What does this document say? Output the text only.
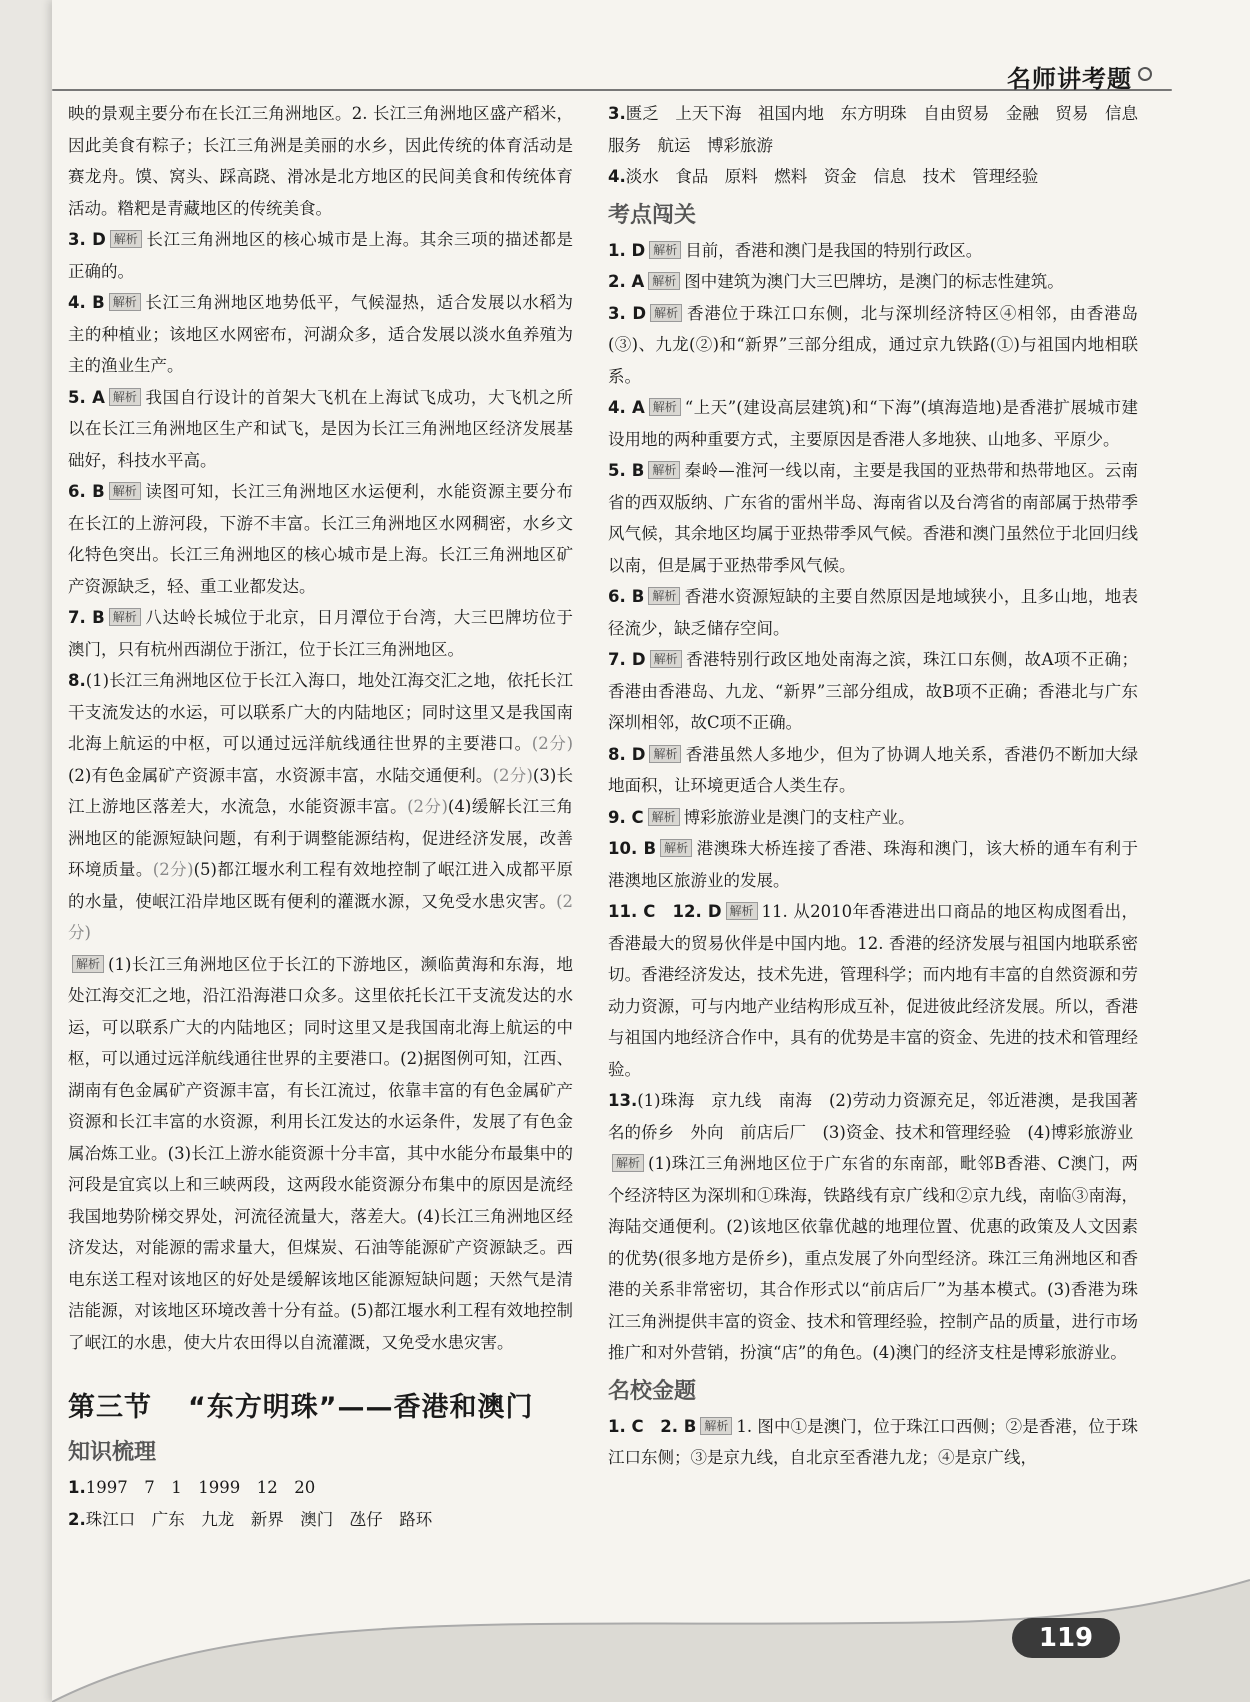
名师讲考题

映的景观主要分布在长江三角洲地区。2. 长江三角洲地区盛产稻米，因此美食有粽子；长江三角洲是美丽的水乡，因此传统的体育活动是赛龙舟。馍、窝头、踩高跷、滑冰是北方地区的民间美食和传统体育活动。糌粑是青藏地区的传统美食。

3. D 解析 长江三角洲地区的核心城市是上海。其余三项的描述都是正确的。

4. B 解析 长江三角洲地区地势低平，气候湿热，适合发展以水稻为主的种植业；该地区水网密布，河湖众多，适合发展以淡水鱼养殖为主的渔业生产。

5. A 解析 我国自行设计的首架大飞机在上海试飞成功，大飞机之所以在长江三角洲地区生产和试飞，是因为长江三角洲地区经济发展基础好，科技水平高。

6. B 解析 读图可知，长江三角洲地区水运便利，水能资源主要分布在长江的上游河段，下游不丰富。长江三角洲地区水网稠密，水乡文化特色突出。长江三角洲地区的核心城市是上海。长江三角洲地区矿产资源缺乏，轻、重工业都发达。

7. B 解析 八达岭长城位于北京，日月潭位于台湾，大三巴牌坊位于澳门，只有杭州西湖位于浙江，位于长江三角洲地区。

8.(1)长江三角洲地区位于长江入海口，地处江海交汇之地，依托长江干支流发达的水运，可以联系广大的内陆地区；同时这里又是我国南北海上航运的中枢，可以通过远洋航线通往世界的主要港口。(2分)(2)有色金属矿产资源丰富，水资源丰富，水陆交通便利。(2分)(3)长江上游地区落差大，水流急，水能资源丰富。(2分)(4)缓解长江三角洲地区的能源短缺问题，有利于调整能源结构，促进经济发展，改善环境质量。(2分)(5)都江堰水利工程有效地控制了岷江进入成都平原的水量，使岷江沿岸地区既有便利的灌溉水源，又免受水患灾害。(2分)

解析 (1)长江三角洲地区位于长江的下游地区，濒临黄海和东海，地处江海交汇之地，沿江沿海港口众多。这里依托长江干支流发达的水运，可以联系广大的内陆地区；同时这里又是我国南北海上航运的中枢，可以通过远洋航线通往世界的主要港口。(2)据图例可知，江西、湖南有色金属矿产资源丰富，有长江流过，依靠丰富的有色金属矿产资源和长江丰富的水资源，利用长江发达的水运条件，发展了有色金属冶炼工业。(3)长江上游水能资源十分丰富，其中水能分布最集中的河段是宜宾以上和三峡两段，这两段水能资源分布集中的原因是流经我国地势阶梯交界处，河流径流量大，落差大。(4)长江三角洲地区经济发达，对能源的需求量大，但煤炭、石油等能源矿产资源缺乏。西电东送工程对该地区的好处是缓解该地区能源短缺问题；天然气是清洁能源，对该地区环境改善十分有益。(5)都江堰水利工程有效地控制了岷江的水患，使大片农田得以自流灌溉，又免受水患灾害。

第三节 “东方明珠”——香港和澳门
知识梳理

1.1997　7　1　1999　12　20

2.珠江口　广东　九龙　新界　澳门　氹仔　路环

3.匮乏　上天下海　祖国内地　东方明珠　自由贸易　金融　贸易　信息服务　航运　博彩旅游

4.淡水　食品　原料　燃料　资金　信息　技术　管理经验

考点闯关

1. D 解析 目前，香港和澳门是我国的特别行政区。

2. A 解析 图中建筑为澳门大三巴牌坊，是澳门的标志性建筑。

3. D 解析 香港位于珠江口东侧，北与深圳经济特区④相邻，由香港岛(③)、九龙(②)和“新界”三部分组成，通过京九铁路(①)与祖国内地相联系。

4. A 解析 “上天”(建设高层建筑)和“下海”(填海造地)是香港扩展城市建设用地的两种重要方式，主要原因是香港人多地狭、山地多、平原少。

5. B 解析 秦岭—淮河一线以南，主要是我国的亚热带和热带地区。云南省的西双版纳、广东省的雷州半岛、海南省以及台湾省的南部属于热带季风气候，其余地区均属于亚热带季风气候。香港和澳门虽然位于北回归线以南，但是属于亚热带季风气候。

6. B 解析 香港水资源短缺的主要自然原因是地域狭小，且多山地，地表径流少，缺乏储存空间。

7. D 解析 香港特别行政区地处南海之滨，珠江口东侧，故A项不正确；香港由香港岛、九龙、“新界”三部分组成，故B项不正确；香港北与广东深圳相邻，故C项不正确。

8. D 解析 香港虽然人多地少，但为了协调人地关系，香港仍不断加大绿地面积，让环境更适合人类生存。

9. C 解析 博彩旅游业是澳门的支柱产业。

10. B 解析 港澳珠大桥连接了香港、珠海和澳门，该大桥的通车有利于港澳地区旅游业的发展。

11. C　12. D 解析 11. 从2010年香港进出口商品的地区构成图看出，香港最大的贸易伙伴是中国内地。12. 香港的经济发展与祖国内地联系密切。香港经济发达，技术先进，管理科学；而内地有丰富的自然资源和劳动力资源，可与内地产业结构形成互补，促进彼此经济发展。所以，香港与祖国内地经济合作中，具有的优势是丰富的资金、先进的技术和管理经验。

13.(1)珠海　京九线　南海　(2)劳动力资源充足，邻近港澳，是我国著名的侨乡　外向　前店后厂　(3)资金、技术和管理经验　(4)博彩旅游业

解析 (1)珠江三角洲地区位于广东省的东南部，毗邻B香港、C澳门，两个经济特区为深圳和①珠海，铁路线有京广线和②京九线，南临③南海，海陆交通便利。(2)该地区依靠优越的地理位置、优惠的政策及人文因素的优势(很多地方是侨乡)，重点发展了外向型经济。珠江三角洲地区和香港的关系非常密切，其合作形式以“前店后厂”为基本模式。(3)香港为珠江三角洲提供丰富的资金、技术和管理经验，控制产品的质量，进行市场推广和对外营销，扮演“店”的角色。(4)澳门的经济支柱是博彩旅游业。

名校金题

1. C　2. B 解析 1. 图中①是澳门，位于珠江口西侧；②是香港，位于珠江口东侧；③是京九线，自北京至香港九龙；④是京广线，

119
